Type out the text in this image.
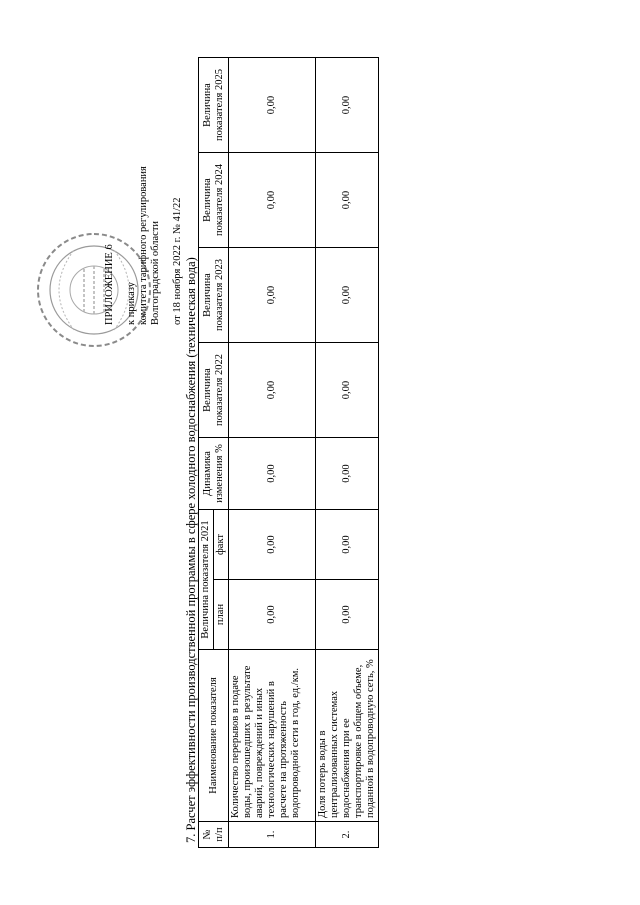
ПРИЛОЖЕНИЕ 6 к приказу комитета тарифного регулирования Волгоградской области от 18 ноября 2022 г. № 41/22 7. Расчет эффективности производственной программы в сфере холодного водоснабжения (техническая вода) № п/п	Наименование показателя	Величина показателя 2021		Динамика изменения %	Величина показателя 2022	Величина показателя 2023	Величина показателя 2024	Величина показателя 2025
		план	факт					
1.	Количество перерывов в подаче воды, произошедших в результате аварий, повреждений и иных технологических нарушений в расчете на протяженность водопроводной сети в год, ед./км.	0,00	0,00	0,00	0,00	0,00	0,00	0,00
2.	Доля потерь воды в централизованных системах водоснабжения при ее транспортировке в общем объеме, поданной в водопроводную сеть, %	0,00	0,00	0,00	0,00	0,00	0,00	0,00
